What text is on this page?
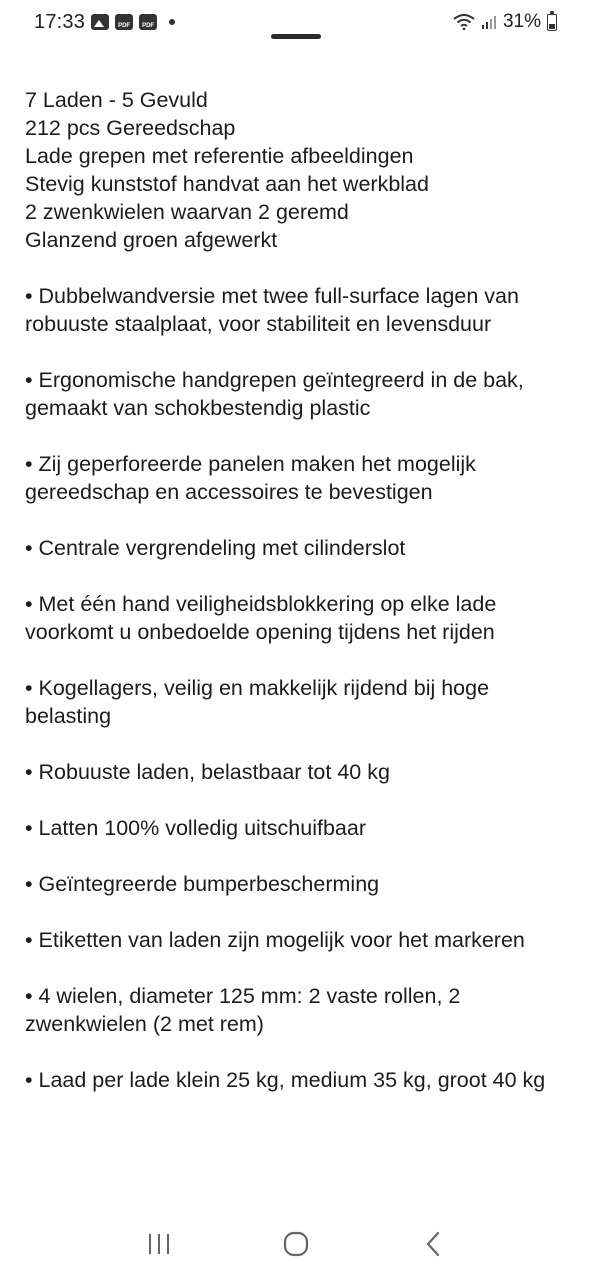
17:33	PDF	PDF	31%
7 Laden - 5 Gevuld
212 pcs Gereedschap
Lade grepen met referentie afbeeldingen
Stevig kunststof handvat aan het werkblad
2 zwenkwielen waarvan 2 geremd
Glanzend groen afgewerkt

• Dubbelwandversie met twee full-surface lagen van robuuste staalplaat, voor stabiliteit en levensduur

• Ergonomische handgrepen geïntegreerd in de bak, gemaakt van schokbestendig plastic

• Zij geperforeerde panelen maken het mogelijk gereedschap en accessoires te bevestigen

• Centrale vergrendeling met cilinderslot

• Met één hand veiligheidsblokkering op elke lade voorkomt u onbedoelde opening tijdens het rijden

• Kogellagers, veilig en makkelijk rijdend bij hoge belasting

• Robuuste laden, belastbaar tot 40 kg

• Latten 100% volledig uitschuifbaar

• Geïntegreerde bumperbescherming

• Etiketten van laden zijn mogelijk voor het markeren

• 4 wielen, diameter 125 mm: 2 vaste rollen, 2 zwenkwielen (2 met rem)

• Laad per lade klein 25 kg, medium 35 kg, groot 40 kg
